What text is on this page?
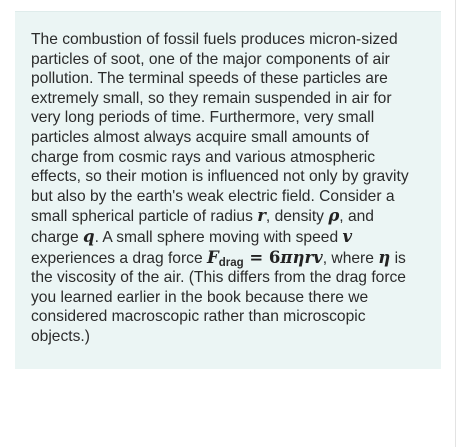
The combustion of fossil fuels produces micron-sized
particles of soot, one of the major components of air
pollution. The terminal speeds of these particles are
extremely small, so they remain suspended in air for
very long periods of time. Furthermore, very small
particles almost always acquire small amounts of
charge from cosmic rays and various atmospheric
effects, so their motion is influenced not only by gravity
but also by the earth's weak electric field. Consider a
small spherical particle of radius r, density ρ, and
charge q. A small sphere moving with speed v
experiences a drag force $F_{drag} = 6\pi\eta rv$, where η is
the viscosity of the air. (This differs from the drag force
you learned earlier in the book because there we
considered macroscopic rather than microscopic
objects.)
